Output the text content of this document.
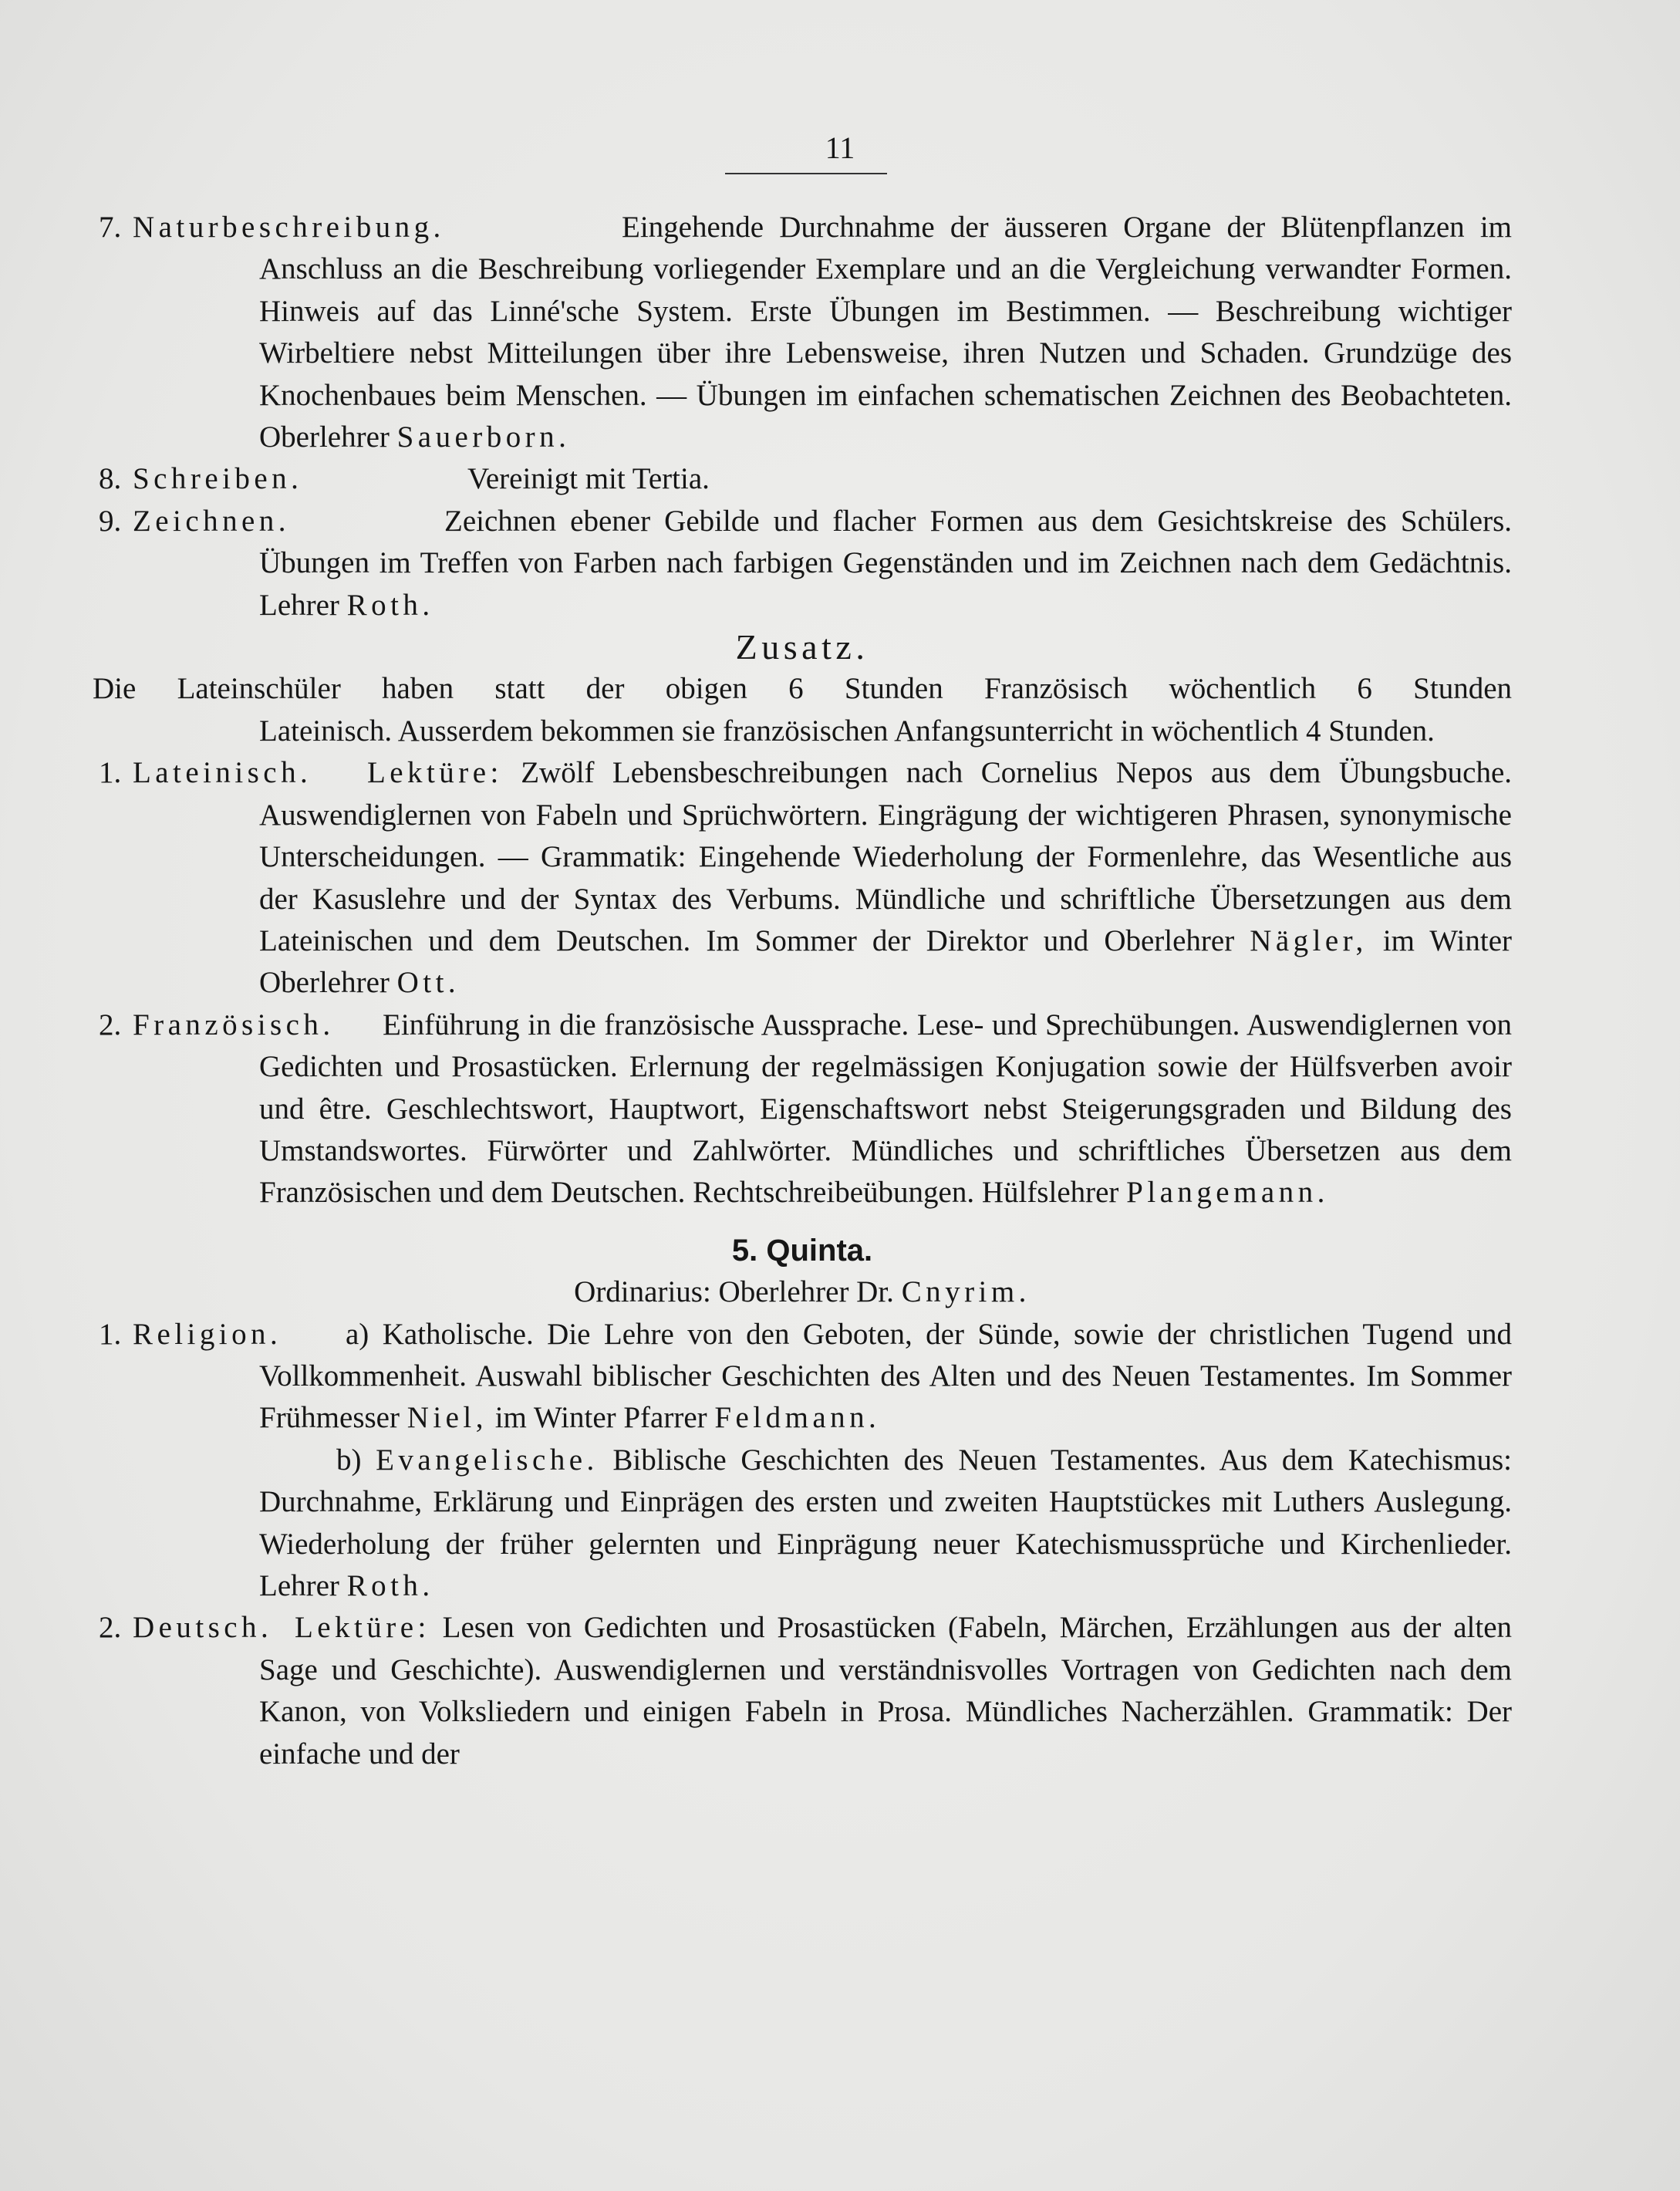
11
7. Naturbeschreibung.	Eingehende Durchnahme der äusseren Organe der Blütenpflanzen im Anschluss an die Beschreibung vorliegender Exemplare und an die Vergleichung verwandter Formen. Hinweis auf das Linné'sche System. Erste Übungen im Bestimmen. — Beschreibung wichtiger Wirbeltiere nebst Mitteilungen über ihre Lebensweise, ihren Nutzen und Schaden. Grundzüge des Knochenbaues beim Menschen. — Übungen im einfachen schematischen Zeichnen des Beobachteten. Oberlehrer Sauerborn.
8. Schreiben.	Vereinigt mit Tertia.
9. Zeichnen.	Zeichnen ebener Gebilde und flacher Formen aus dem Gesichtskreise des Schülers. Übungen im Treffen von Farben nach farbigen Gegenständen und im Zeichnen nach dem Gedächtnis. Lehrer Roth.
Zusatz.
Die Lateinschüler haben statt der obigen 6 Stunden Französisch wöchentlich 6 Stunden
Lateinisch. Ausserdem bekommen sie französischen Anfangsunterricht in wöchentlich 4 Stunden.
1. Lateinisch. Lektüre: Zwölf Lebensbeschreibungen nach Cornelius Nepos aus dem Übungsbuche. Auswendiglernen von Fabeln und Sprüchwörtern. Eingrägung der wichtigeren Phrasen, synonymische Unterscheidungen. — Grammatik: Eingehende Wiederholung der Formenlehre, das Wesentliche aus der Kasuslehre und der Syntax des Verbums. Mündliche und schriftliche Übersetzungen aus dem Lateinischen und dem Deutschen. Im Sommer der Direktor und Oberlehrer Nägler, im Winter Oberlehrer Ott.
2. Französisch. Einführung in die französische Aussprache. Lese- und Sprechübungen. Auswendiglernen von Gedichten und Prosastücken. Erlernung der regelmässigen Konjugation sowie der Hülfsverben avoir und être. Geschlechtswort, Hauptwort, Eigenschaftswort nebst Steigerungsgraden und Bildung des Umstandswortes. Fürwörter und Zahlwörter. Mündliches und schriftliches Übersetzen aus dem Französischen und dem Deutschen. Rechtschreibeübungen. Hülfslehrer Plangemann.
5. Quinta.
Ordinarius: Oberlehrer Dr. Cnyrim.
1. Religion. a) Katholische. Die Lehre von den Geboten, der Sünde, sowie der christlichen Tugend und Vollkommenheit. Auswahl biblischer Geschichten des Alten und des Neuen Testamentes. Im Sommer Frühmesser Niel, im Winter Pfarrer Feldmann.
b) Evangelische. Biblische Geschichten des Neuen Testamentes. Aus dem Katechismus: Durchnahme, Erklärung und Einprägen des ersten und zweiten Hauptstückes mit Luthers Auslegung. Wiederholung der früher gelernten und Einprägung neuer Katechismussprüche und Kirchenlieder. Lehrer Roth.
2. Deutsch. Lektüre: Lesen von Gedichten und Prosastücken (Fabeln, Märchen, Erzählungen aus der alten Sage und Geschichte). Auswendiglernen und verständnisvolles Vortragen von Gedichten nach dem Kanon, von Volksliedern und einigen Fabeln in Prosa. Mündliches Nacherzählen. Grammatik: Der einfache und der
